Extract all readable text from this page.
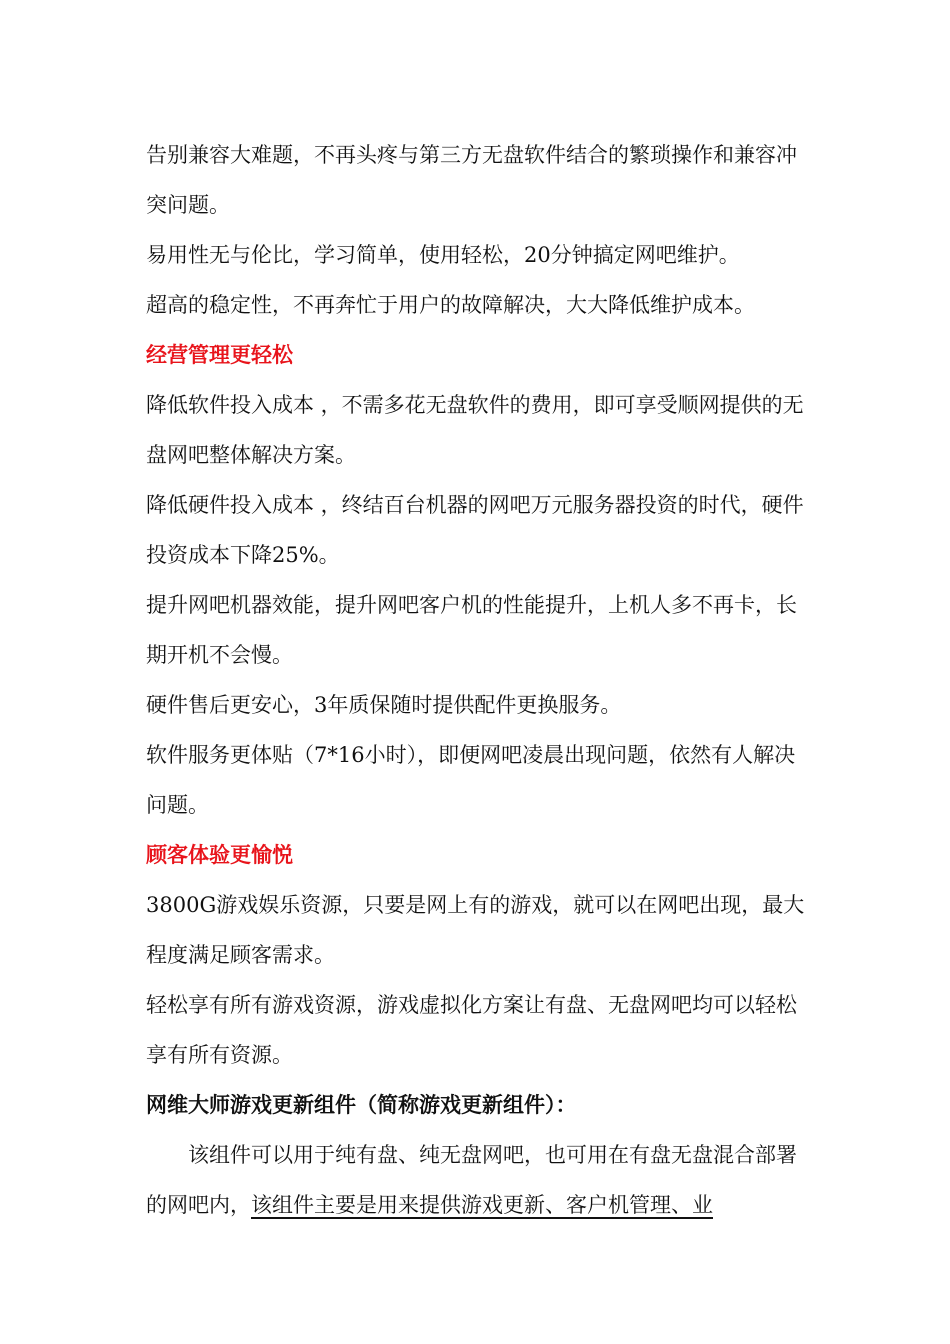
告别兼容大难题，不再头疼与第三方无盘软件结合的繁琐操作和兼容冲突问题。

易用性无与伦比，学习简单，使用轻松，20分钟搞定网吧维护。

超高的稳定性，不再奔忙于用户的故障解决，大大降低维护成本。

经营管理更轻松

降低软件投入成本 ，不需多花无盘软件的费用，即可享受顺网提供的无盘网吧整体解决方案。

降低硬件投入成本 ，终结百台机器的网吧万元服务器投资的时代，硬件投资成本下降25%。

提升网吧机器效能，提升网吧客户机的性能提升，上机人多不再卡，长期开机不会慢。

硬件售后更安心，3年质保随时提供配件更换服务。

软件服务更体贴（7*16小时），即便网吧凌晨出现问题，依然有人解决问题。

顾客体验更愉悦

3800G游戏娱乐资源，只要是网上有的游戏，就可以在网吧出现，最大程度满足顾客需求。

轻松享有所有游戏资源，游戏虚拟化方案让有盘、无盘网吧均可以轻松享有所有资源。

网维大师游戏更新组件（简称游戏更新组件）：

该组件可以用于纯有盘、纯无盘网吧，也可用在有盘无盘混合部署的网吧内，该组件主要是用来提供游戏更新、客户机管理、业
